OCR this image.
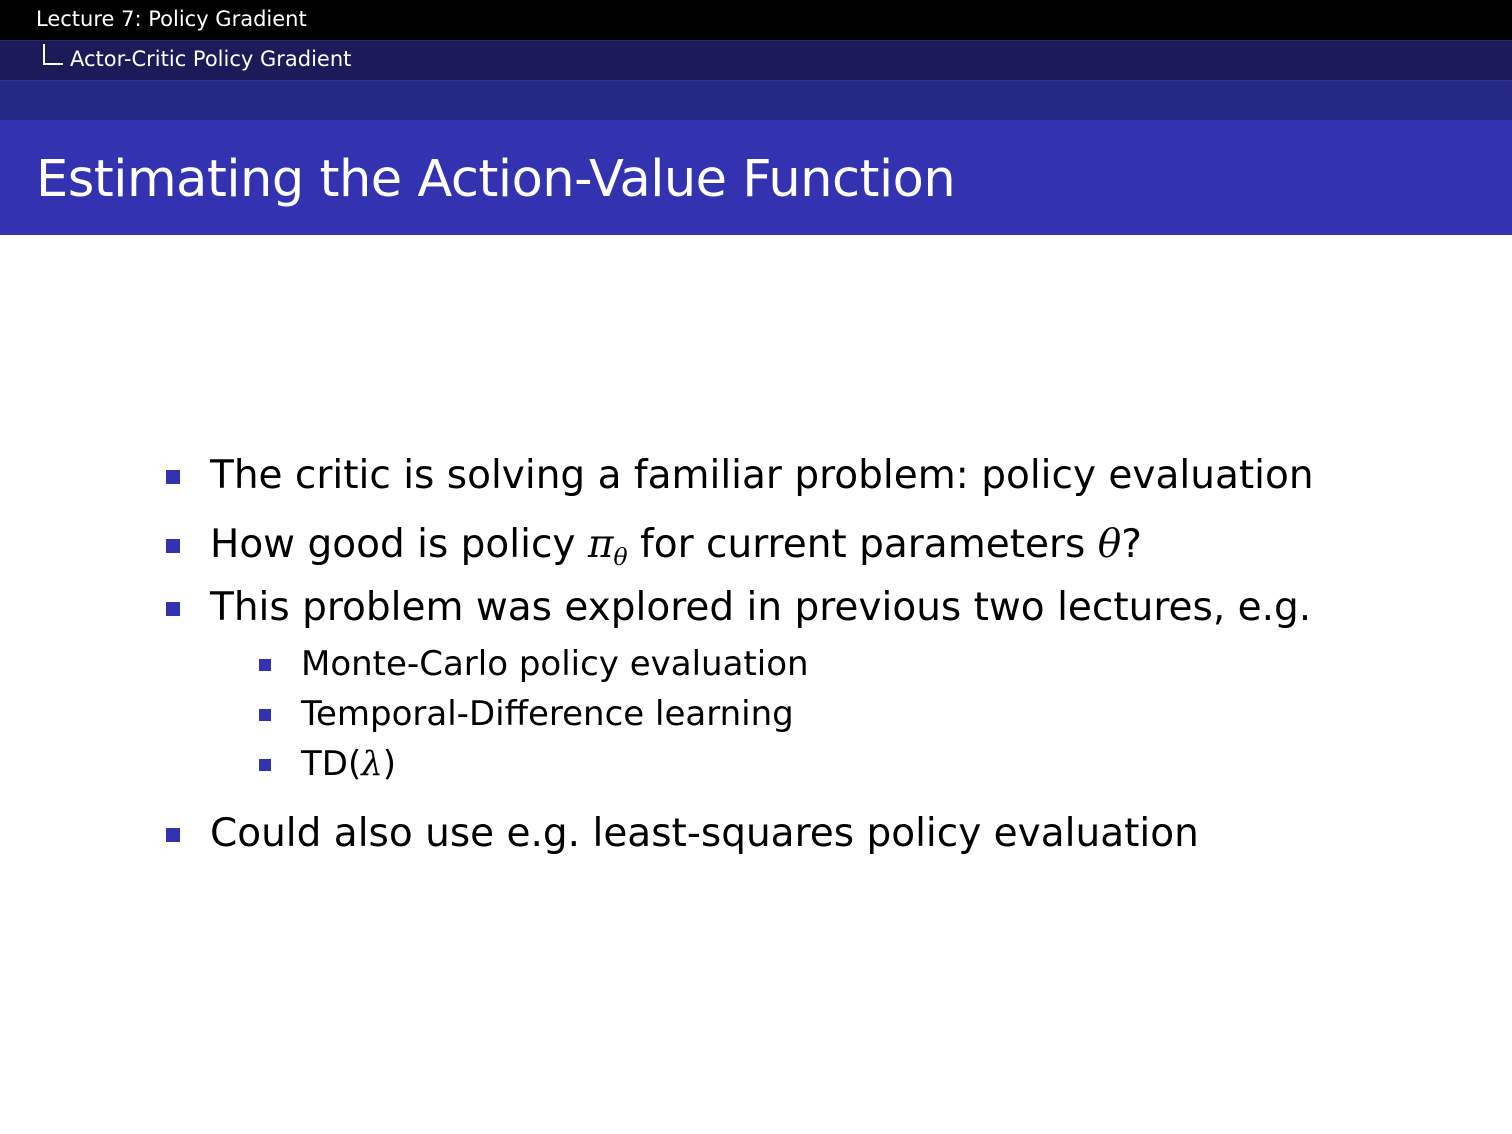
Lecture 7: Policy Gradient
Actor-Critic Policy Gradient
Estimating the Action-Value Function
The critic is solving a familiar problem: policy evaluation
How good is policy $\pi_\theta$ for current parameters θ?
This problem was explored in previous two lectures, e.g.
Monte-Carlo policy evaluation
Temporal-Difference learning
TD(λ)
Could also use e.g. least-squares policy evaluation
